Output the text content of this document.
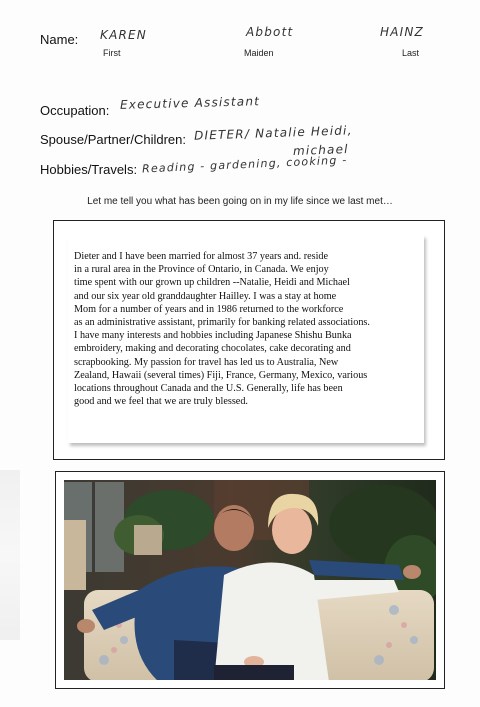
Name: KAREN	Abbott	HAINZ
First	Maiden	Last
Occupation: Executive Assistant
Spouse/Partner/Children: DIETER/ Natalie Heidi,
michael
Hobbies/Travels: Reading - gardening, cooking -
Let me tell you what has been going on in my life since we last met…
Dieter and I have been married for almost 37 years and. reside
in a rural area in the Province of Ontario, in Canada. We enjoy
time spent with our grown up children --Natalie, Heidi and Michael
and our six year old granddaughter Hailley. I was a stay at home
Mom for a number of years and in 1986 returned to the workforce
as an administrative assistant, primarily for banking related associations.
I have many interests and hobbies including Japanese Shishu Bunka
embroidery, making and decorating chocolates, cake decorating and
scrapbooking. My passion for travel has led us to Australia, New
Zealand, Hawaii (several times) Fiji, France, Germany, Mexico, various
locations throughout Canada and the U.S. Generally, life has been
good and we feel that we are truly blessed.
